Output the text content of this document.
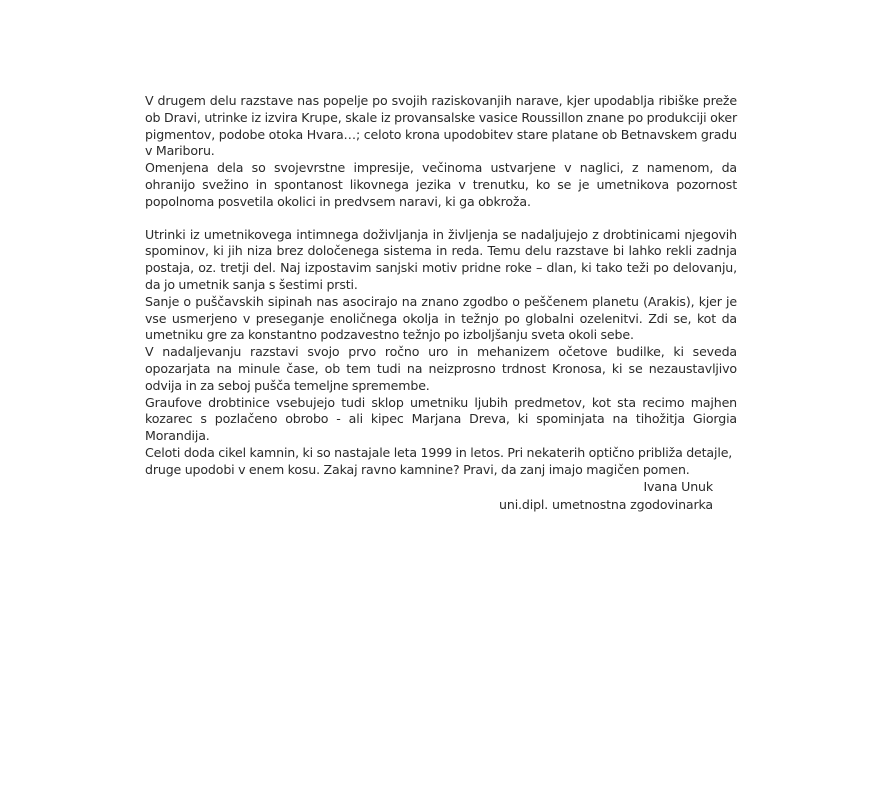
V drugem delu razstave nas popelje po svojih raziskovanjih narave, kjer upodablja ribiške preže ob Dravi, utrinke iz izvira Krupe, skale iz provansalske vasice Roussillon znane po produkciji oker pigmentov, podobe otoka Hvara…; celoto krona upodobitev stare platane ob Betnavskem gradu v Mariboru.

Omenjena dela so svojevrstne impresije, večinoma ustvarjene v naglici, z namenom, da ohranijo svežino in spontanost likovnega jezika v trenutku, ko se je umetnikova pozornost popolnoma posvetila okolici in predvsem naravi, ki ga obkroža.

Utrinki iz umetnikovega intimnega doživljanja in življenja se nadaljujejo z drobtinicami njegovih spominov, ki jih niza brez določenega sistema in reda. Temu delu razstave bi lahko rekli zadnja postaja, oz. tretji del. Naj izpostavim sanjski motiv pridne roke – dlan, ki tako teži po delovanju, da jo umetnik sanja s šestimi prsti.

Sanje o puščavskih sipinah nas asocirajo na znano zgodbo o peščenem planetu (Arakis), kjer je vse usmerjeno v preseganje enoličnega okolja in težnjo po globalni ozelenitvi. Zdi se, kot da umetniku gre za konstantno podzavestno težnjo po izboljšanju sveta okoli sebe.

V nadaljevanju razstavi svojo prvo ročno uro in mehanizem očetove budilke, ki seveda opozarjata na minule čase, ob tem tudi na neizprosno trdnost Kronosa, ki se nezaustavljivo odvija in za seboj pušča temeljne spremembe.

Graufove drobtinice vsebujejo tudi sklop umetniku ljubih predmetov, kot sta recimo majhen kozarec s pozlačeno obrobo - ali kipec Marjana Dreva, ki spominjata na tihožitja Giorgia Morandija.

Celoti doda cikel kamnin, ki so nastajale leta 1999 in letos. Pri nekaterih optično približa detajle, druge upodobi v enem kosu. Zakaj ravno kamnine? Pravi, da zanj imajo magičen pomen.

Ivana Unuk
uni.dipl. umetnostna zgodovinarka
